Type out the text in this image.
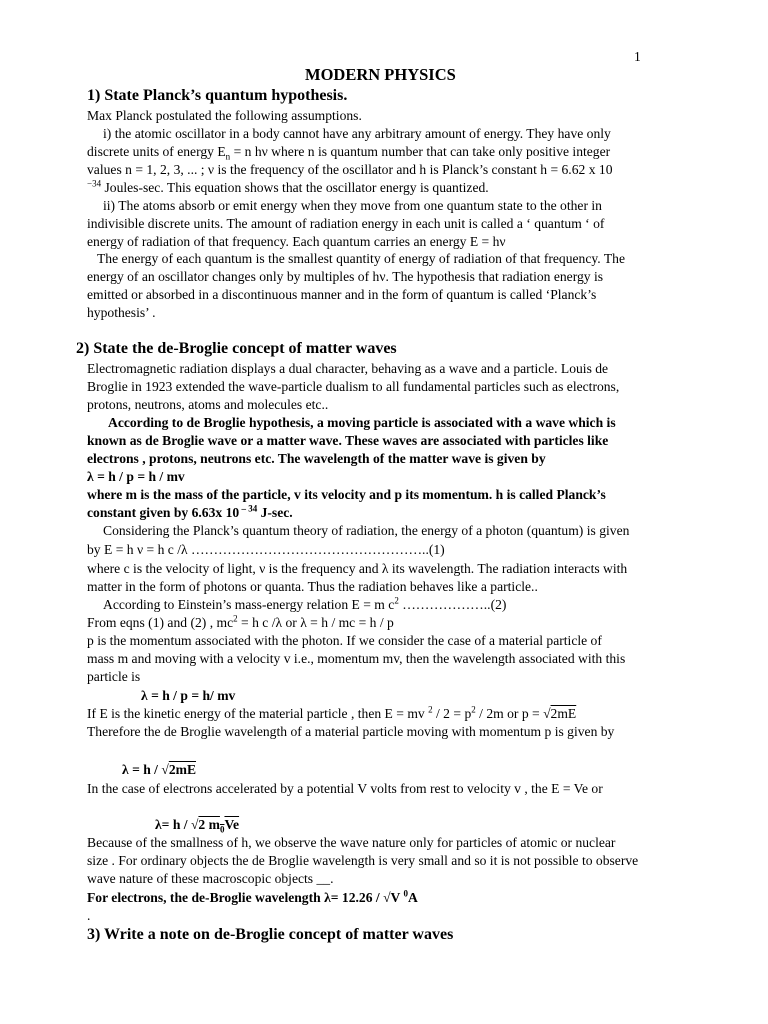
1
MODERN PHYSICS
1) State Planck’s quantum hypothesis.
Max Planck postulated the following assumptions.
i) the atomic oscillator in a body cannot have any arbitrary amount of energy. They have only
discrete units of energy $E_n = n$ hν where n is quantum number that can take only positive integer
values n = 1, 2, 3, ... ; ν is the frequency of the oscillator and h is Planck’s constant h = 6.62 x 10
$^{-34}$ Joules-sec. This equation shows that the oscillator energy is quantized.
ii) The atoms absorb or emit energy when they move from one quantum state to the other in
indivisible discrete units. The amount of radiation energy in each unit is called a ‘ quantum ‘ of
energy of radiation of that frequency. Each quantum carries an energy E = hν
The energy of each quantum is the smallest quantity of energy of radiation of that frequency. The
energy of an oscillator changes only by multiples of hν. The hypothesis that radiation energy is
emitted or absorbed in a discontinuous manner and in the form of quantum is called ‘Planck’s
hypothesis’ .
2) State the de-Broglie concept of matter waves
Electromagnetic radiation displays a dual character, behaving as a wave and a particle. Louis de
Broglie in 1923 extended the wave-particle dualism to all fundamental particles such as electrons,
protons, neutrons, atoms and molecules etc..
According to de Broglie hypothesis, a moving particle is associated with a wave which is
known as de Broglie wave or a matter wave. These waves are associated with particles like
electrons , protons, neutrons etc. The wavelength of the matter wave is given by
λ = h / p = h / mv
where m is the mass of the particle, v its velocity and p its momentum. h is called Planck’s
constant given by 6.63x 10 $^{- 34}$ J-sec.
Considering the Planck’s quantum theory of radiation, the energy of a photon (quantum) is given
by E = h ν = h c /λ ……………………………………………..(1)
where c is the velocity of light, ν is the frequency and λ its wavelength. The radiation interacts with
matter in the form of photons or quanta. Thus the radiation behaves like a particle..
According to Einstein’s mass-energy relation E = m $c^2$ ………………..(2)
From eqns (1) and (2) , $mc^2 = h$ c /λ or λ = h / mc = h / p
p is the momentum associated with the photon. If we consider the case of a material particle of
mass m and moving with a velocity v i.e., momentum mv, then the wavelength associated with this
particle is
λ = h / p = h/ mv
If E is the kinetic energy of the material particle , then E = mv $^2 / 2 = p^2 / 2m$ or p = √2mE
Therefore the de Broglie wavelength of a material particle moving with momentum p is given by
λ = h / √2mE
In the case of electrons accelerated by a potential V volts from rest to velocity v , the E = Ve or
λ= h / √2 $m_0Ve$
Because of the smallness of h, we observe the wave nature only for particles of atomic or nuclear
size . For ordinary objects the de Broglie wavelength is very small and so it is not possible to observe
wave nature of these macroscopic objects __.
For electrons, the de-Broglie wavelength λ= 12.26 / √V $^0$A
.
3) Write a note on de-Broglie concept of matter waves
